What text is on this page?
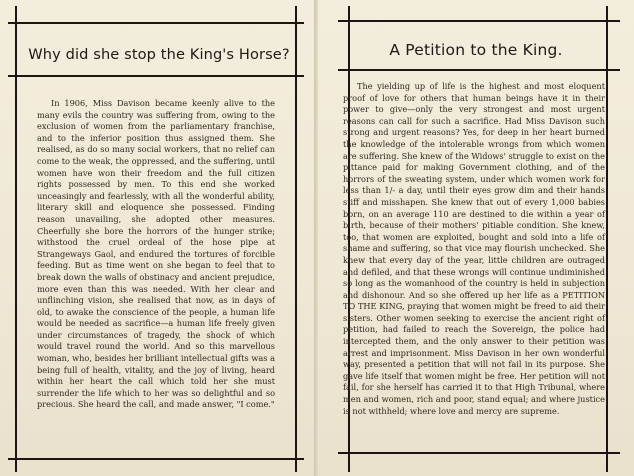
Why did she stop the King's Horse?

In 1906, Miss Davison became keenly alive to the many evils the country was suffering from, owing to the exclusion of women from the parliamentary franchise, and to the inferior position thus assigned them. She realised, as do so many social workers, that no relief can come to the weak, the oppressed, and the suffering, until women have won their freedom and the full citizen rights possessed by men. To this end she worked unceasingly and fearlessly, with all the wonderful ability, literary skill and eloquence she possessed. Finding reason unavailing, she adopted other measures. Cheerfully she bore the horrors of the hunger strike; withstood the cruel ordeal of the hose pipe at Strangeways Gaol, and endured the tortures of forcible feeding. But as time went on she began to feel that to break down the walls of obstinacy and ancient prejudice, more even than this was needed. With her clear and unflinching vision, she realised that now, as in days of old, to awake the conscience of the people, a human life would be needed as sacrifice—a human life freely given under circumstances of tragedy, the shock of which would travel round the world. And so this marvellous woman, who, besides her brilliant intellectual gifts was a being full of health, vitality, and the joy of living, heard within her heart the call which told her she must surrender the life which to her was so delightful and so precious. She heard the call, and made answer, "I come."

A Petition to the King.

The yielding up of life is the highest and most eloquent proof of love for others that human beings have it in their power to give—only the very strongest and most urgent reasons can call for such a sacrifice. Had Miss Davison such strong and urgent reasons? Yes, for deep in her heart burned the knowledge of the intolerable wrongs from which women are suffering. She knew of the Widows' struggle to exist on the pittance paid for making Government clothing, and of the horrors of the sweating system, under which women work for less than 1/- a day, until their eyes grow dim and their hands stiff and misshapen. She knew that out of every 1,000 babies born, on an average 110 are destined to die within a year of birth, because of their mothers' pitiable condition. She knew, too, that women are exploited, bought and sold into a life of shame and suffering, so that vice may flourish unchecked. She knew that every day of the year, little children are outraged and defiled, and that these wrongs will continue undiminished so long as the womanhood of the country is held in subjection and dishonour. And so she offered up her life as a PETITION TO THE KING, praying that women might be freed to aid their sisters. Other women seeking to exercise the ancient right of petition, had failed to reach the Sovereign, the police had intercepted them, and the only answer to their petition was arrest and imprisonment. Miss Davison in her own wonderful way, presented a petition that will not fail in its purpose. She gave life itself that women might be free. Her petition will not fail, for she herself has carried it to that High Tribunal, where men and women, rich and poor, stand equal; and where justice is not withheld; where love and mercy are supreme.
